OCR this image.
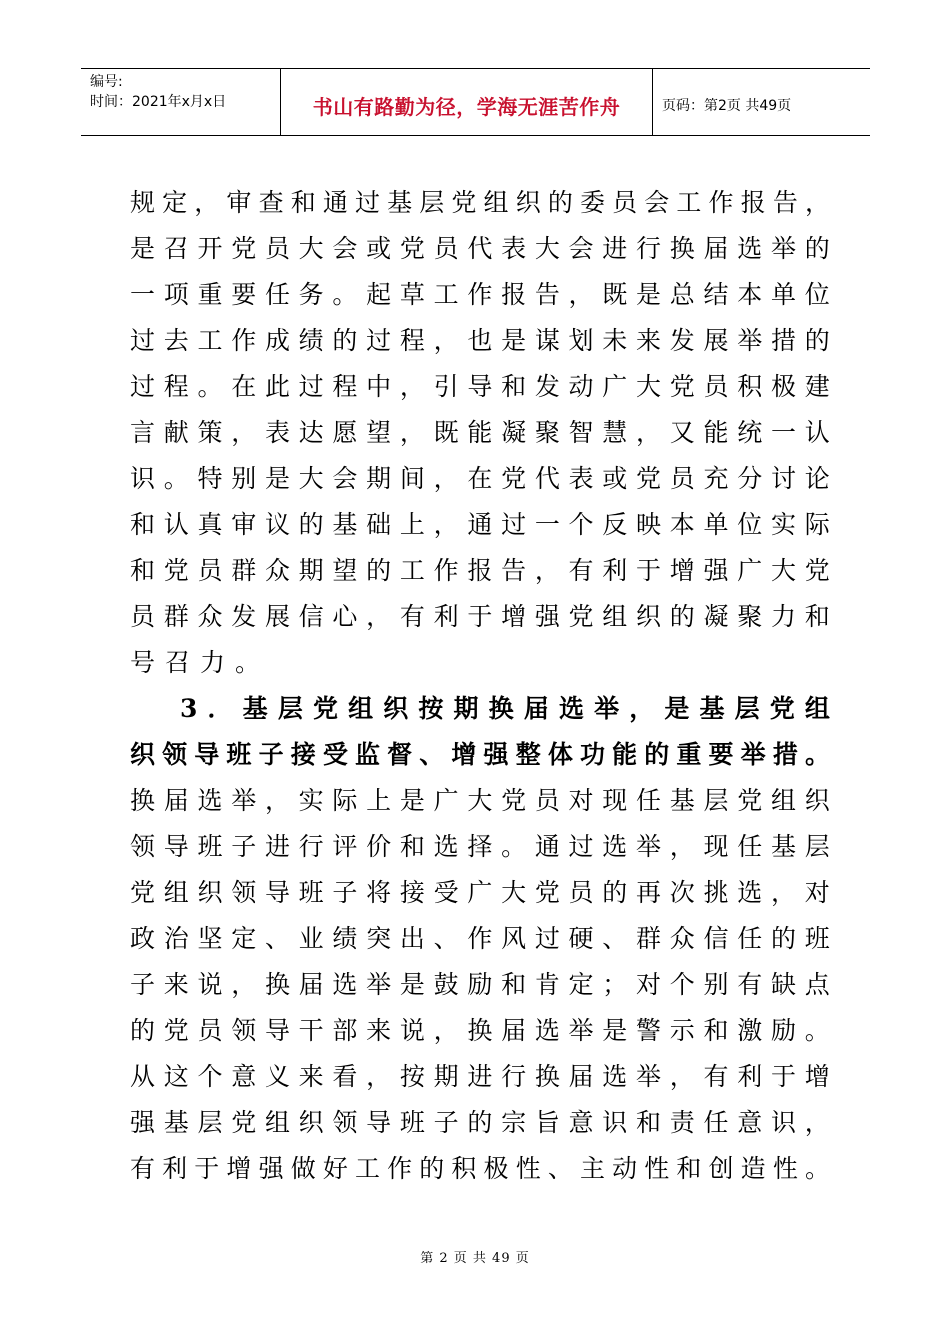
编号:
时间：2021年x月x日	书山有路勤为径，学海无涯苦作舟	页码：第2页 共49页
规 定 ， 审 查 和 通 过 基 层 党 组 织 的 委 员 会 工 作 报 告 ，
是 召 开 党 员 大 会 或 党 员 代 表 大 会 进 行 换 届 选 举 的
一 项 重 要 任 务 。 起 草 工 作 报 告 ， 既 是 总 结 本 单 位
过 去 工 作 成 绩 的 过 程 ， 也 是 谋 划 未 来 发 展 举 措 的
过 程 。 在 此 过 程 中 ， 引 导 和 发 动 广 大 党 员 积 极 建
言 献 策 ， 表 达 愿 望 ， 既 能 凝 聚 智 慧 ， 又 能 统 一 认
识 。 特 别 是 大 会 期 间 ， 在 党 代 表 或 党 员 充 分 讨 论
和 认 真 审 议 的 基 础 上 ， 通 过 一 个 反 映 本 单 位 实 际
和 党 员 群 众 期 望 的 工 作 报 告 ， 有 利 于 增 强 广 大 党
员 群 众 发 展 信 心 ， 有 利 于 增 强 党 组 织 的 凝 聚 力 和
号召力。
3 ． 基 层 党 组 织 按 期 换 届 选 举 ， 是 基 层 党 组
织 领 导 班 子 接 受 监 督 、 增 强 整 体 功 能 的 重 要 举 措 。
换 届 选 举 ， 实 际 上 是 广 大 党 员 对 现 任 基 层 党 组 织
领 导 班 子 进 行 评 价 和 选 择 。 通 过 选 举 ， 现 任 基 层
党 组 织 领 导 班 子 将 接 受 广 大 党 员 的 再 次 挑 选 ， 对
政 治 坚 定 、 业 绩 突 出 、 作 风 过 硬 、 群 众 信 任 的 班
子 来 说 ， 换 届 选 举 是 鼓 励 和 肯 定 ； 对 个 别 有 缺 点
的 党 员 领 导 干 部 来 说 ， 换 届 选 举 是 警 示 和 激 励 。
从 这 个 意 义 来 看 ， 按 期 进 行 换 届 选 举 ， 有 利 于 增
强 基 层 党 组 织 领 导 班 子 的 宗 旨 意 识 和 责 任 意 识 ，
有 利 于 增 强 做 好 工 作 的 积 极 性 、 主 动 性 和 创 造 性 。
第 2 页 共 49 页
